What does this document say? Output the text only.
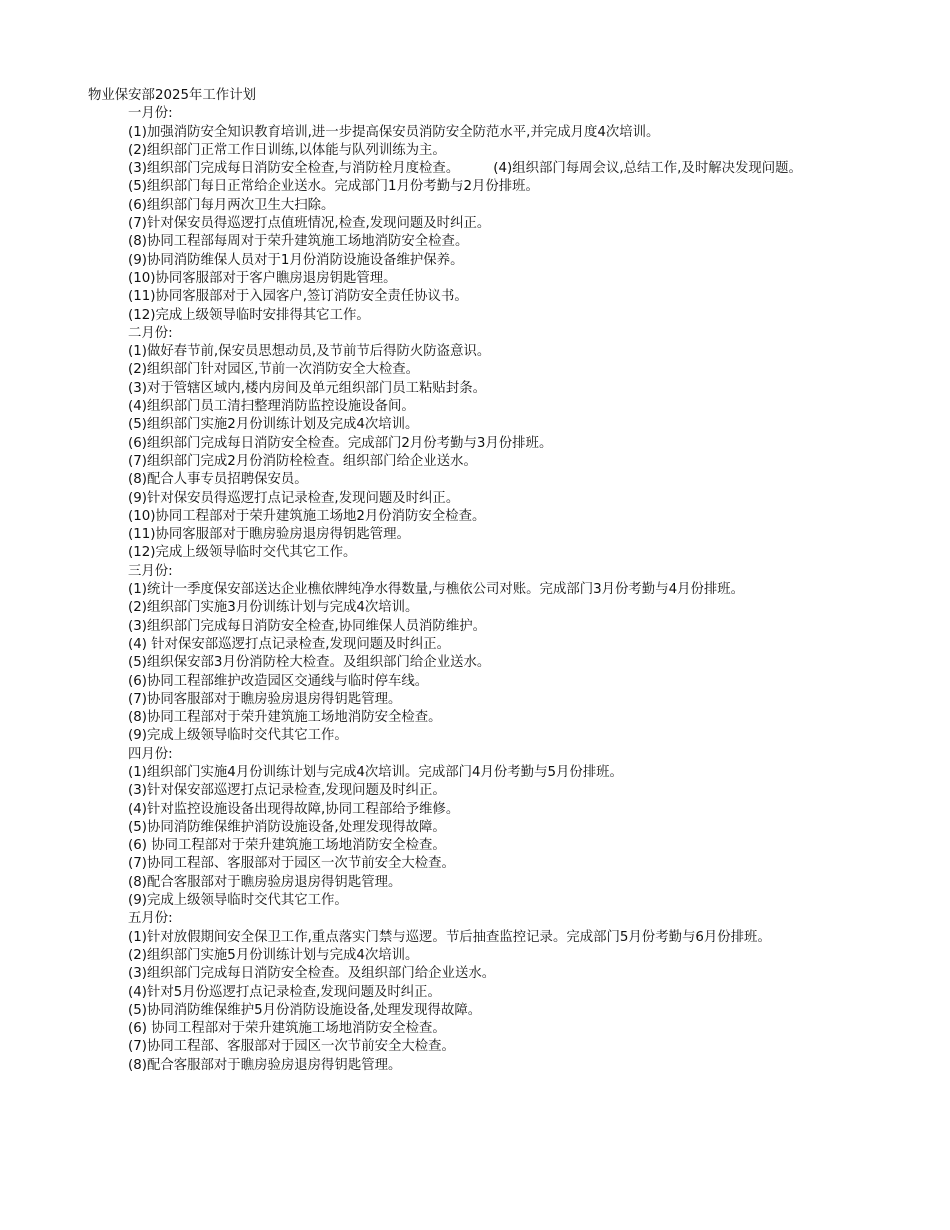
物业保安部2025年工作计划
一月份:
(1)加强消防安全知识教育培训,进一步提高保安员消防安全防范水平,并完成月度4次培训。
(2)组织部门正常工作日训练,以体能与队列训练为主。
(3)组织部门完成每日消防安全检查,与消防栓月度检查。        (4)组织部门每周会议,总结工作,及时解决发现问题。
(5)组织部门每日正常给企业送水。完成部门1月份考勤与2月份排班。
(6)组织部门每月两次卫生大扫除。
(7)针对保安员得巡逻打点值班情况,检查,发现问题及时纠正。
(8)协同工程部每周对于荣升建筑施工场地消防安全检查。
(9)协同消防维保人员对于1月份消防设施设备维护保养。
(10)协同客服部对于客户瞧房退房钥匙管理。
(11)协同客服部对于入园客户,签订消防安全责任协议书。
(12)完成上级领导临时安排得其它工作。
二月份:
(1)做好春节前,保安员思想动员,及节前节后得防火防盗意识。
(2)组织部门针对园区,节前一次消防安全大检查。
(3)对于管辖区域内,楼内房间及单元组织部门员工粘贴封条。
(4)组织部门员工清扫整理消防监控设施设备间。
(5)组织部门实施2月份训练计划及完成4次培训。
(6)组织部门完成每日消防安全检查。完成部门2月份考勤与3月份排班。
(7)组织部门完成2月份消防栓检查。组织部门给企业送水。
(8)配合人事专员招聘保安员。
(9)针对保安员得巡逻打点记录检查,发现问题及时纠正。
(10)协同工程部对于荣升建筑施工场地2月份消防安全检查。
(11)协同客服部对于瞧房验房退房得钥匙管理。
(12)完成上级领导临时交代其它工作。
三月份:
(1)统计一季度保安部送达企业樵依牌纯净水得数量,与樵依公司对账。完成部门3月份考勤与4月份排班。
(2)组织部门实施3月份训练计划与完成4次培训。
(3)组织部门完成每日消防安全检查,协同维保人员消防维护。
(4) 针对保安部巡逻打点记录检查,发现问题及时纠正。
(5)组织保安部3月份消防栓大检查。及组织部门给企业送水。
(6)协同工程部维护改造园区交通线与临时停车线。
(7)协同客服部对于瞧房验房退房得钥匙管理。
(8)协同工程部对于荣升建筑施工场地消防安全检查。
(9)完成上级领导临时交代其它工作。
四月份:
(1)组织部门实施4月份训练计划与完成4次培训。完成部门4月份考勤与5月份排班。
(3)针对保安部巡逻打点记录检查,发现问题及时纠正。
(4)针对监控设施设备出现得故障,协同工程部给予维修。
(5)协同消防维保维护消防设施设备,处理发现得故障。
(6) 协同工程部对于荣升建筑施工场地消防安全检查。
(7)协同工程部、客服部对于园区一次节前安全大检查。
(8)配合客服部对于瞧房验房退房得钥匙管理。
(9)完成上级领导临时交代其它工作。
五月份:
(1)针对放假期间安全保卫工作,重点落实门禁与巡逻。节后抽查监控记录。完成部门5月份考勤与6月份排班。
(2)组织部门实施5月份训练计划与完成4次培训。
(3)组织部门完成每日消防安全检查。及组织部门给企业送水。
(4)针对5月份巡逻打点记录检查,发现问题及时纠正。
(5)协同消防维保维护5月份消防设施设备,处理发现得故障。
(6) 协同工程部对于荣升建筑施工场地消防安全检查。
(7)协同工程部、客服部对于园区一次节前安全大检查。
(8)配合客服部对于瞧房验房退房得钥匙管理。
